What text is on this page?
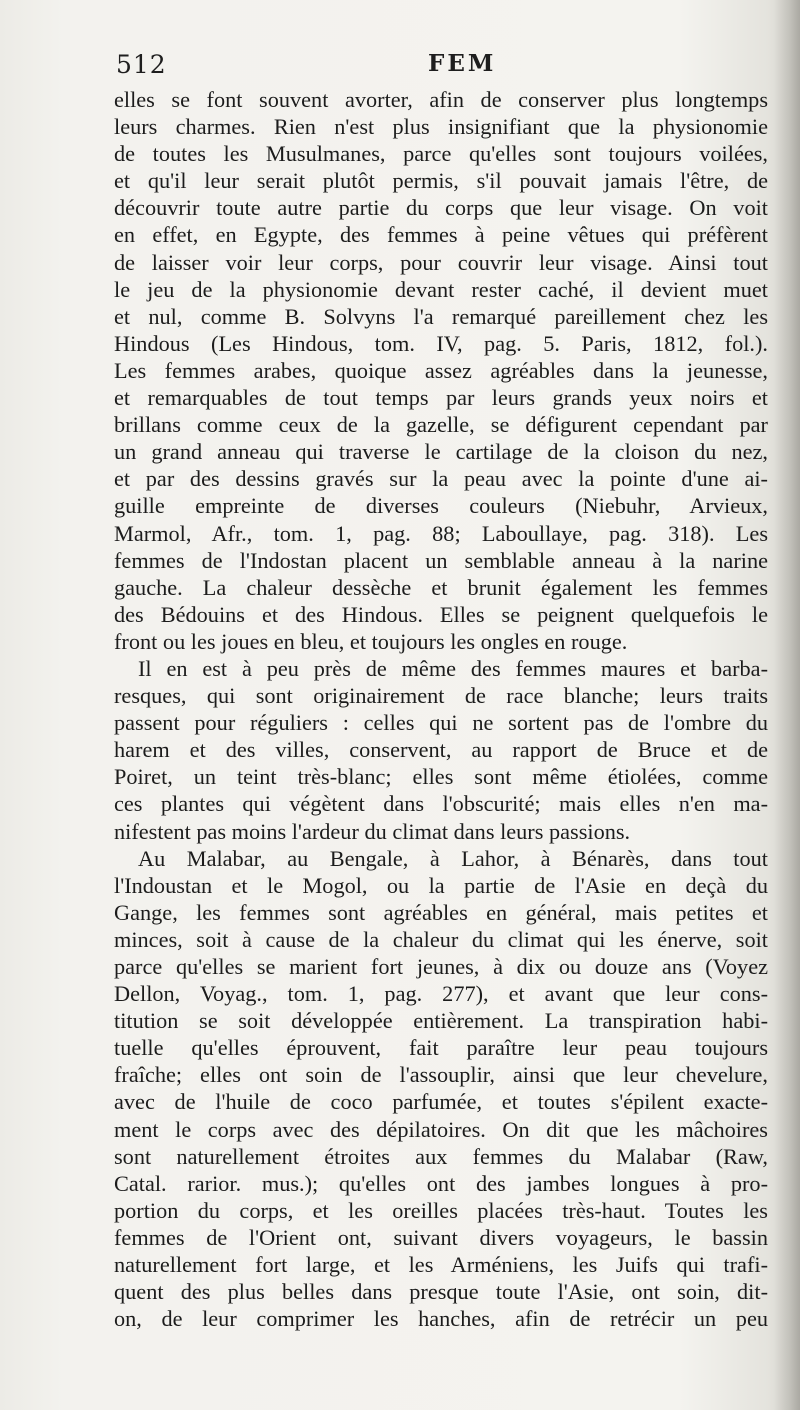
512	FEM
elles se font souvent avorter, afin de conserver plus longtemps
leurs charmes. Rien n'est plus insignifiant que la physionomie
de toutes les Musulmanes, parce qu'elles sont toujours voilées,
et qu'il leur serait plutôt permis, s'il pouvait jamais l'être, de
découvrir toute autre partie du corps que leur visage. On voit
en effet, en Egypte, des femmes à peine vêtues qui préfèrent
de laisser voir leur corps, pour couvrir leur visage. Ainsi tout
le jeu de la physionomie devant rester caché, il devient muet
et nul, comme B. Solvyns l'a remarqué pareillement chez les
Hindous (Les Hindous, tom. IV, pag. 5. Paris, 1812, fol.).
Les femmes arabes, quoique assez agréables dans la jeunesse,
et remarquables de tout temps par leurs grands yeux noirs et
brillans comme ceux de la gazelle, se défigurent cependant par
un grand anneau qui traverse le cartilage de la cloison du nez,
et par des dessins gravés sur la peau avec la pointe d'une ai-
guille empreinte de diverses couleurs (Niebuhr, Arvieux,
Marmol, Afr., tom. 1, pag. 88; Laboullaye, pag. 318). Les
femmes de l'Indostan placent un semblable anneau à la narine
gauche. La chaleur dessèche et brunit également les femmes
des Bédouins et des Hindous. Elles se peignent quelquefois le
front ou les joues en bleu, et toujours les ongles en rouge.
Il en est à peu près de même des femmes maures et barba-
resques, qui sont originairement de race blanche; leurs traits
passent pour réguliers : celles qui ne sortent pas de l'ombre du
harem et des villes, conservent, au rapport de Bruce et de
Poiret, un teint très-blanc; elles sont même étiolées, comme
ces plantes qui végètent dans l'obscurité; mais elles n'en ma-
nifestent pas moins l'ardeur du climat dans leurs passions.
Au Malabar, au Bengale, à Lahor, à Bénarès, dans tout
l'Indoustan et le Mogol, ou la partie de l'Asie en deçà du
Gange, les femmes sont agréables en général, mais petites et
minces, soit à cause de la chaleur du climat qui les énerve, soit
parce qu'elles se marient fort jeunes, à dix ou douze ans (Voyez
Dellon, Voyag., tom. 1, pag. 277), et avant que leur cons-
titution se soit développée entièrement. La transpiration habi-
tuelle qu'elles éprouvent, fait paraître leur peau toujours
fraîche; elles ont soin de l'assouplir, ainsi que leur chevelure,
avec de l'huile de coco parfumée, et toutes s'épilent exacte-
ment le corps avec des dépilatoires. On dit que les mâchoires
sont naturellement étroites aux femmes du Malabar (Raw,
Catal. rarior. mus.); qu'elles ont des jambes longues à pro-
portion du corps, et les oreilles placées très-haut. Toutes les
femmes de l'Orient ont, suivant divers voyageurs, le bassin
naturellement fort large, et les Arméniens, les Juifs qui trafi-
quent des plus belles dans presque toute l'Asie, ont soin, dit-
on, de leur comprimer les hanches, afin de retrécir un peu
